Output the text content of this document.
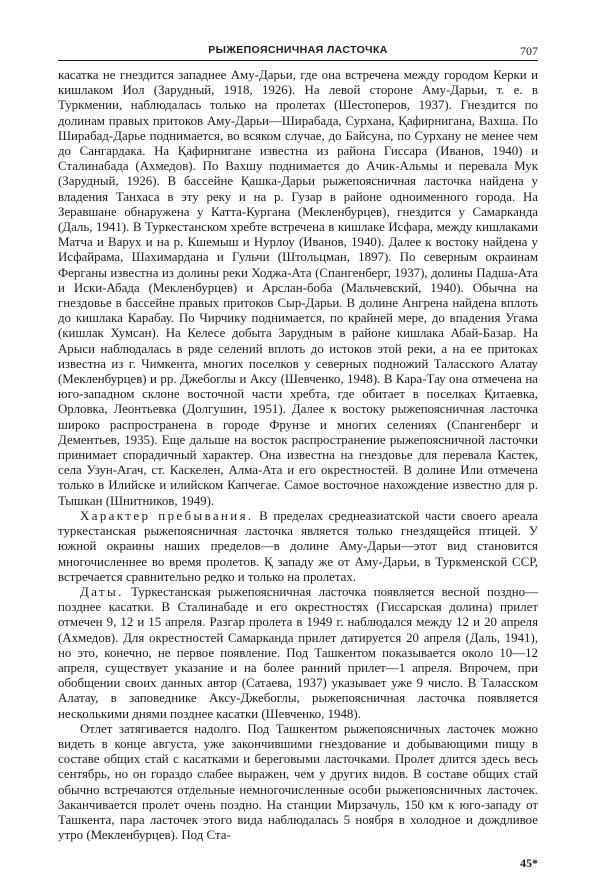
РЫЖЕПОЯСНИЧНАЯ ЛАСТОЧКА	707

касатка не гнездится западнее Аму-Дарьи, где она встречена между городом Керки и кишлаком Иол (Зарудный, 1918, 1926). На левой стороне Аму-Дарьи, т. е. в Туркмении, наблюдалась только на пролетах (Шестоперов, 1937). Гнездится по долинам правых притоков Аму-Дарьи—Ширабада, Сурхана, Қафирнигана, Вахша. По Ширабад-Дарье поднимается, во всяком случае, до Байсуна, по Сурхану не менее чем до Сангардака. На Қафирнигане известна из района Гиссара (Иванов, 1940) и Сталинабада (Ахмедов). По Вахшу поднимается до Ачик-Альмы и перевала Мук (Зарудный, 1926). В бассейне Қашка-Дарьи рыжепоясничная ласточка найдена у владения Танхаса в эту реку и на р. Гузар в районе одноименного города. На Зеравшане обнаружена у Катта-Кургана (Мекленбурцев), гнездится у Самарканда (Даль, 1941). В Туркестанском хребте встречена в кишлаке Исфара, между кишлаками Матча и Варух и на р. Кшемыш и Нурлоу (Иванов, 1940). Далее к востоку найдена у Исфайрама, Шахимардана и Гульчи (Штольцман, 1897). По северным окраинам Ферганы известна из долины реки Ходжа-Ата (Спангенберг, 1937), долины Падша-Ата и Иски-Абада (Мекленбурцев) и Арслан-боба (Мальчевский, 1940). Обычна на гнездовье в бассейне правых притоков Сыр-Дарьи. В долине Ангрена найдена вплоть до кишлака Карабау. По Чирчику поднимается, по крайней мере, до впадения Угама (кишлак Хумсан). На Келесе добыта Зарудным в районе кишлака Абай-Базар. На Арыси наблюдалась в ряде селений вплоть до истоков этой реки, а на ее притоках известна из г. Чимкента, многих поселков у северных подножий Таласского Алатау (Мекленбурцев) и рр. Джебоглы и Аксу (Шевченко, 1948). В Кара-Тау она отмечена на юго-западном склоне восточной части хребта, где обитает в поселках Қитаевка, Орловка, Леонтьевка (Долгушин, 1951). Далее к востоку рыжепоясничная ласточка широко распространена в городе Фрунзе и многих селениях (Спангенберг и Дементьев, 1935). Еще дальше на восток распространение рыжепоясничной ласточки принимает спорадичный характер. Она известна на гнездовье для перевала Кастек, села Узун-Агач, ст. Каскелен, Алма-Ата и его окрестностей. В долине Или отмечена только в Илийске и илийском Капчегае. Самое восточное нахождение известно для р. Тышкан (Шнитников, 1949).

Характер пребывания. В пределах среднеазиатской части своего ареала туркестанская рыжепоясничная ласточка является только гнездящейся птицей. У южной окраины наших пределов—в долине Аму-Дарьи—этот вид становится многочисленнее во время пролетов. Қ западу же от Аму-Дарьи, в Туркменской ССР, встречается сравнительно редко и только на пролетах.

Даты. Туркестанская рыжепоясничная ласточка появляется весной поздно—позднее касатки. В Сталинабаде и его окрестностях (Гиссарская долина) прилет отмечен 9, 12 и 15 апреля. Разгар пролета в 1949 г. наблюдался между 12 и 20 апреля (Ахмедов). Для окрестностей Самарканда прилет датируется 20 апреля (Даль, 1941), но это, конечно, не первое появление. Под Ташкентом показывается около 10—12 апреля, существует указание и на более ранний прилет—1 апреля. Впрочем, при обобщении своих данных автор (Сатаева, 1937) указывает уже 9 число. В Таласском Алатау, в заповеднике Аксу-Джебоглы, рыжепоясничная ласточка появляется несколькими днями позднее касатки (Шевченко, 1948).

Отлет затягивается надолго. Под Ташкентом рыжепоясничных ласточек можно видеть в конце августа, уже закончившими гнездование и добывающими пищу в составе общих стай с касатками и береговыми ласточками. Пролет длится здесь весь сентябрь, но он гораздо слабее выражен, чем у других видов. В составе общих стай обычно встречаются отдельные немногочисленные особи рыжепоясничных ласточек. Заканчивается пролет очень поздно. На станции Мирзачуль, 150 км к юго-западу от Ташкента, пара ласточек этого вида наблюдалась 5 ноября в холодное и дождливое утро (Мекленбурцев). Под Ста-

45*
